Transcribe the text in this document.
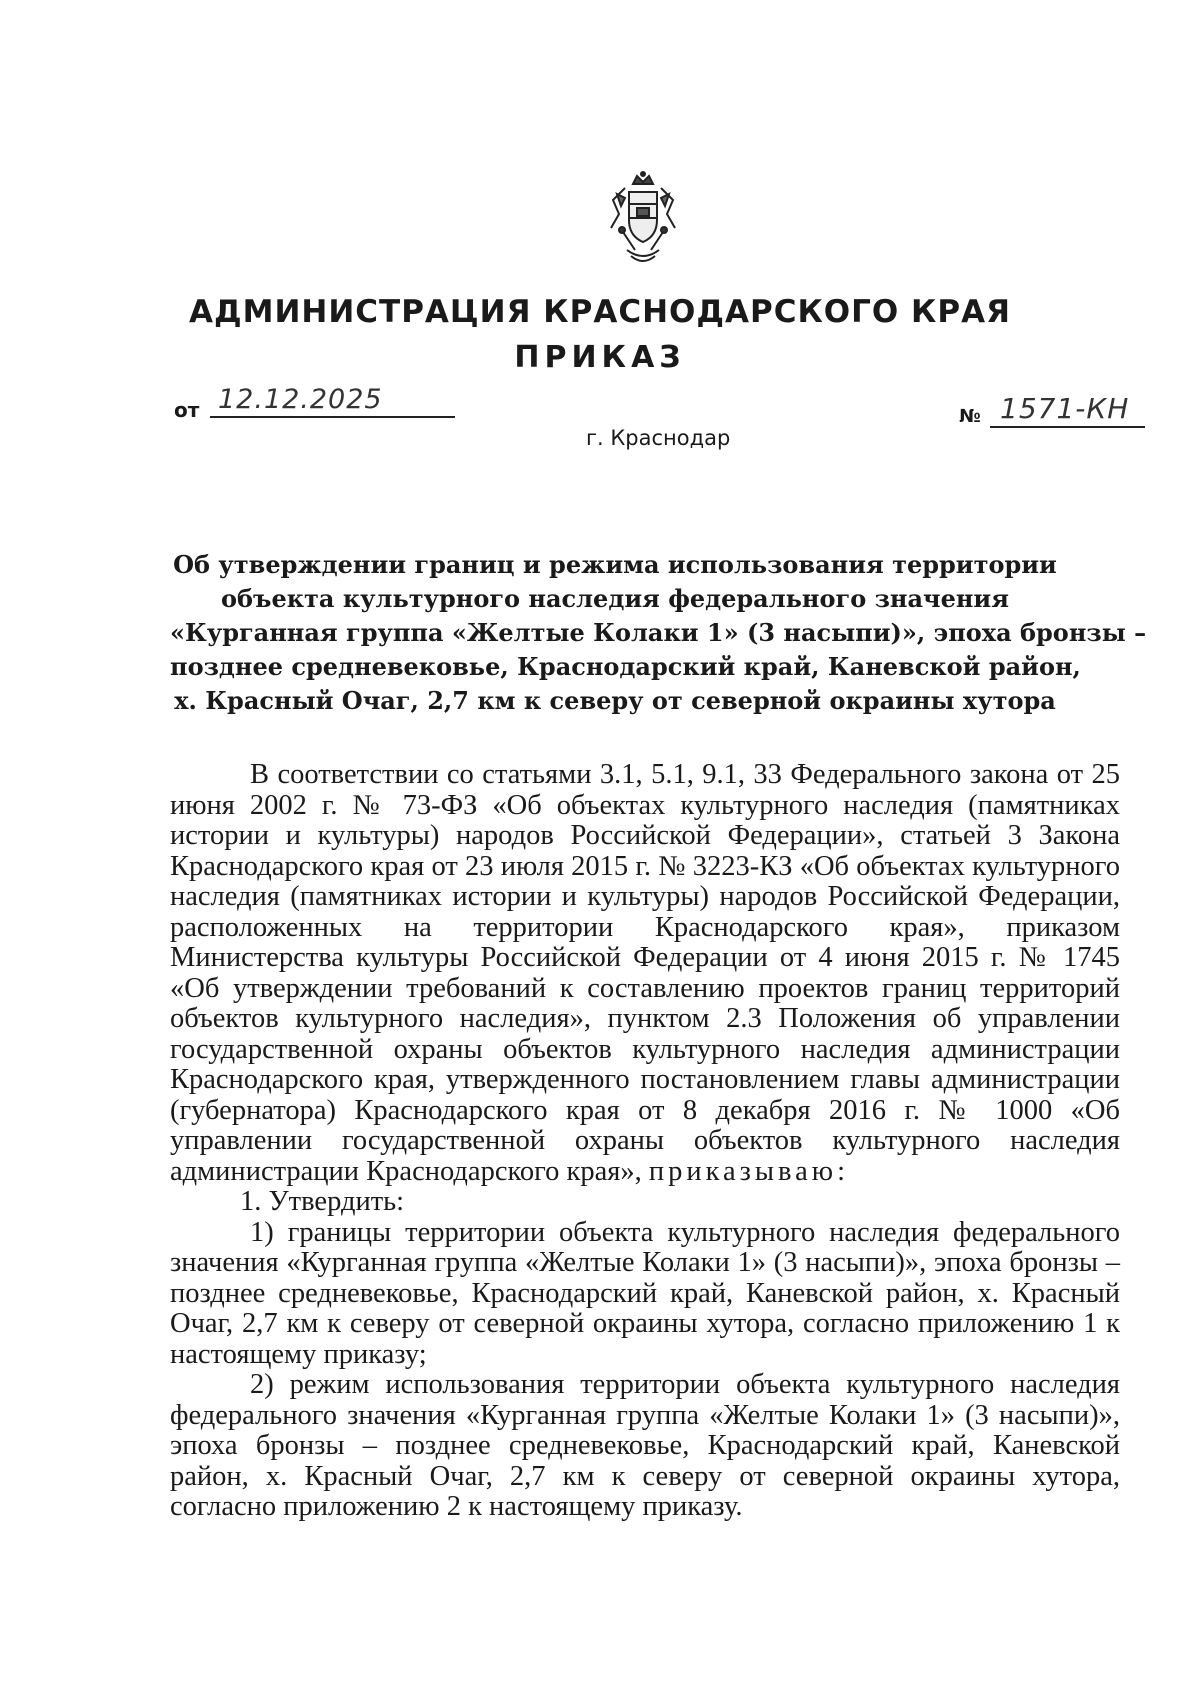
АДМИНИСТРАЦИЯ КРАСНОДАРСКОГО КРАЯ
ПРИКАЗ
от 12.12.2025
№ 1571-КН
г. Краснодар
Об утверждении границ и режима использования территории
объекта культурного наследия федерального значения
«Курганная группа «Желтые Колаки 1» (3 насыпи)», эпоха бронзы –
позднее средневековье, Краснодарский край, Каневской район,
х. Красный Очаг, 2,7 км к северу от северной окраины хутора

В соответствии со статьями 3.1, 5.1, 9.1, 33 Федерального закона от 25 июня 2002 г. № 73-ФЗ «Об объектах культурного наследия (памятниках истории и культуры) народов Российской Федерации», статьей 3 Закона Краснодарского края от 23 июля 2015 г. № 3223-КЗ «Об объектах культурного наследия (памятниках истории и культуры) народов Российской Федерации, расположенных на территории Краснодарского края», приказом Министерства культуры Российской Федерации от 4 июня 2015 г. № 1745 «Об утверждении требований к составлению проектов границ территорий объектов культурного наследия», пунктом 2.3 Положения об управлении государственной охраны объектов культурного наследия администрации Краснодарского края, утвержденного постановлением главы администрации (губернатора) Краснодарского края от 8 декабря 2016 г. № 1000 «Об управлении государственной охраны объектов культурного наследия администрации Краснодарского края», приказываю:

1. Утвердить:

1) границы территории объекта культурного наследия федерального значения «Курганная группа «Желтые Колаки 1» (3 насыпи)», эпоха бронзы – позднее средневековье, Краснодарский край, Каневской район, х. Красный Очаг, 2,7 км к северу от северной окраины хутора, согласно приложению 1 к настоящему приказу;

2) режим использования территории объекта культурного наследия федерального значения «Курганная группа «Желтые Колаки 1» (3 насыпи)», эпоха бронзы – позднее средневековье, Краснодарский край, Каневской район, х. Красный Очаг, 2,7 км к северу от северной окраины хутора, согласно приложению 2 к настоящему приказу.
